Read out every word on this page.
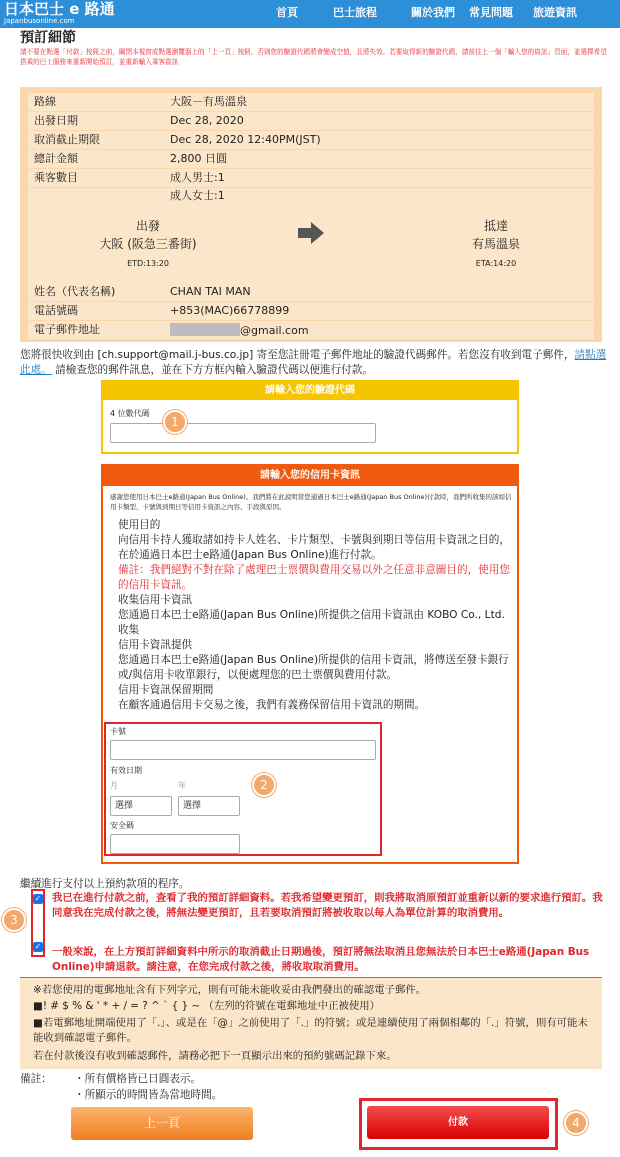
日本巴士 e 路通
Japanbusonline.com
首頁	巴士旅程	關於我們 常見問題 旅遊資訊
預訂細節
請不要在點選「付款」按鈕之前，關閉本視窗或點選瀏覽器上的「上一頁」按鈕，否則您的驗證代碼將會變成空值，且將失效。若要取得新的驗證代碼，請前往上一個「輸入您的資訊」頁面，並選擇希望搭乘的巴士服務來重新開始預訂，並重新輸入乘客資訊
路線	大阪－有馬溫泉
出發日期	Dec 28, 2020
取消截止期限	Dec 28, 2020 12:40PM(JST)
總計金額	2,800 日圓
乘客數目	成人男士:1
成人女士:1
出發
大阪 (阪急三番街)
ETD:13:20
抵達
有馬溫泉
ETA:14:20
姓名（代表名稱)	CHAN TAI MAN
電話號碼	+853(MAC)66778899
電子郵件地址	@gmail.com
您將很快收到由 [ch.support@mail.j-bus.co.jp] 寄至您註冊電子郵件地址的驗證代碼郵件。若您沒有收到電子郵件，請點選此處。 請檢查您的郵件訊息，並在下方方框內輸入驗證代碼以便進行付款。
請輸入您的驗證代碼
4 位數代碼
請輸入您的信用卡資訊
感謝您使用日本巴士e路通(Japan Bus Online)。我們將在此說明當您通過日本巴士e路通(Japan Bus Online)付款時，我們所收集的該如信用卡類型、卡號與到期日等信用卡資訊之內容、手段與原因。
使用目的
向信用卡持人獲取諸如持卡人姓名、卡片類型、卡號與到期日等信用卡資訊之目的，在於通過日本巴士e路通(Japan Bus Online)進行付款。
備註：我們絕對不對在除了處理巴士票價與費用交易以外之任意非意圖目的，使用您的信用卡資訊。
收集信用卡資訊
您通過日本巴士e路通(Japan Bus Online)所提供之信用卡資訊由 KOBO Co., Ltd. 收集
信用卡資訊提供
您通過日本巴士e路通(Japan Bus Online)所提供的信用卡資訊，將傳送至發卡銀行或/與信用卡收單銀行，以便處理您的巴士票價與費用付款。
信用卡資訊保留期間
在顧客通過信用卡交易之後，我們有義務保留信用卡資訊的期間。
卡號
有效日期
月	年
選擇	選擇
安全碼
1
2
3
4
繼續進行支付以上預約款項的程序。
✓
✓
我已在進行付款之前，查看了我的預訂詳細資料。若我希望變更預訂，則我將取消原預訂並重新以新的要求進行預訂。我同意我在完成付款之後，將無法變更預訂，且若要取消預訂將被收取以每人為單位計算的取消費用。
一般來說，在上方預訂詳細資料中所示的取消截止日期過後，預訂將無法取消且您無法於日本巴士e路通(Japan Bus Online)申請退款。請注意，在您完成付款之後，將收取取消費用。

※若您使用的電郵地址含有下列字元，則有可能未能收妥由我們發出的確認電子郵件。

■! # $ % & ' * + / = ? ^ ` { } ~ （左列的符號在電郵地址中正被使用）

■若電郵地址開端使用了「.」、或是在「@」之前使用了「.」的符號；或是連續使用了兩個相鄰的「.」符號，則有可能未能收到確認電子郵件。

若在付款後沒有收到確認郵件，請務必把下一頁顯示出來的預約號碼記錄下來。

備註： ・所有價格皆已日圓表示。
・所顯示的時間皆為當地時間。
上一頁	付款
